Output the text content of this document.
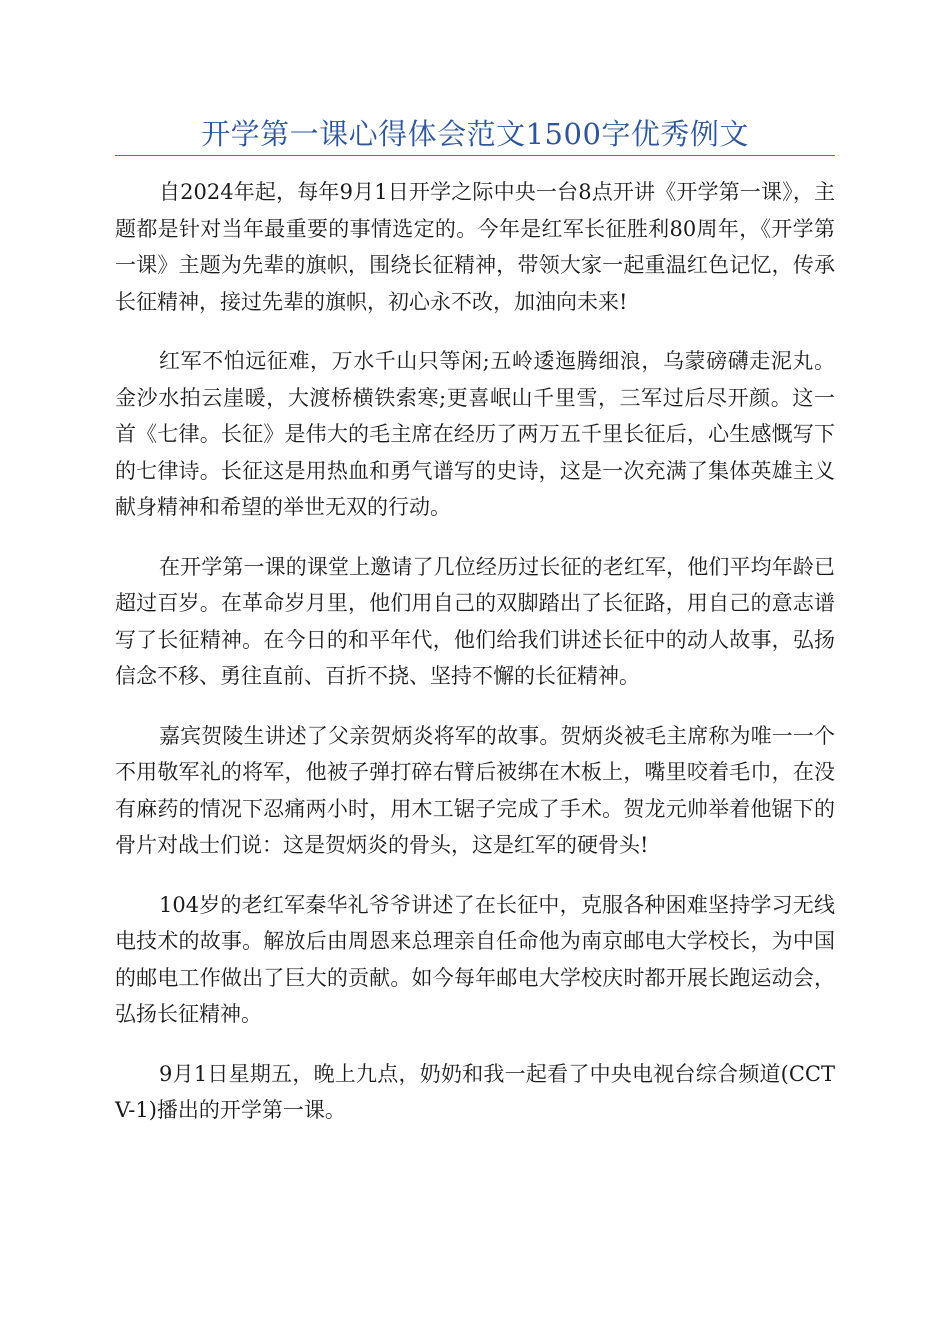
开学第一课心得体会范文1500字优秀例文

自2024年起，每年9月1日开学之际中央一台8点开讲《开学第一课》，主题都是针对当年最重要的事情选定的。今年是红军长征胜利80周年，《开学第一课》主题为先辈的旗帜，围绕长征精神，带领大家一起重温红色记忆，传承长征精神，接过先辈的旗帜，初心永不改，加油向未来!

红军不怕远征难，万水千山只等闲;五岭逶迤腾细浪，乌蒙磅礴走泥丸。金沙水拍云崖暖，大渡桥横铁索寒;更喜岷山千里雪，三军过后尽开颜。这一首《七律。长征》是伟大的毛主席在经历了两万五千里长征后，心生感慨写下的七律诗。长征这是用热血和勇气谱写的史诗，这是一次充满了集体英雄主义献身精神和希望的举世无双的行动。

在开学第一课的课堂上邀请了几位经历过长征的老红军，他们平均年龄已超过百岁。在革命岁月里，他们用自己的双脚踏出了长征路，用自己的意志谱写了长征精神。在今日的和平年代，他们给我们讲述长征中的动人故事，弘扬信念不移、勇往直前、百折不挠、坚持不懈的长征精神。

嘉宾贺陵生讲述了父亲贺炳炎将军的故事。贺炳炎被毛主席称为唯一一个不用敬军礼的将军，他被子弹打碎右臂后被绑在木板上，嘴里咬着毛巾，在没有麻药的情况下忍痛两小时，用木工锯子完成了手术。贺龙元帅举着他锯下的骨片对战士们说：这是贺炳炎的骨头，这是红军的硬骨头!

104岁的老红军秦华礼爷爷讲述了在长征中，克服各种困难坚持学习无线电技术的故事。解放后由周恩来总理亲自任命他为南京邮电大学校长，为中国的邮电工作做出了巨大的贡献。如今每年邮电大学校庆时都开展长跑运动会，弘扬长征精神。

9月1日星期五，晚上九点，奶奶和我一起看了中央电视台综合频道(CCTV-1)播出的开学第一课。
